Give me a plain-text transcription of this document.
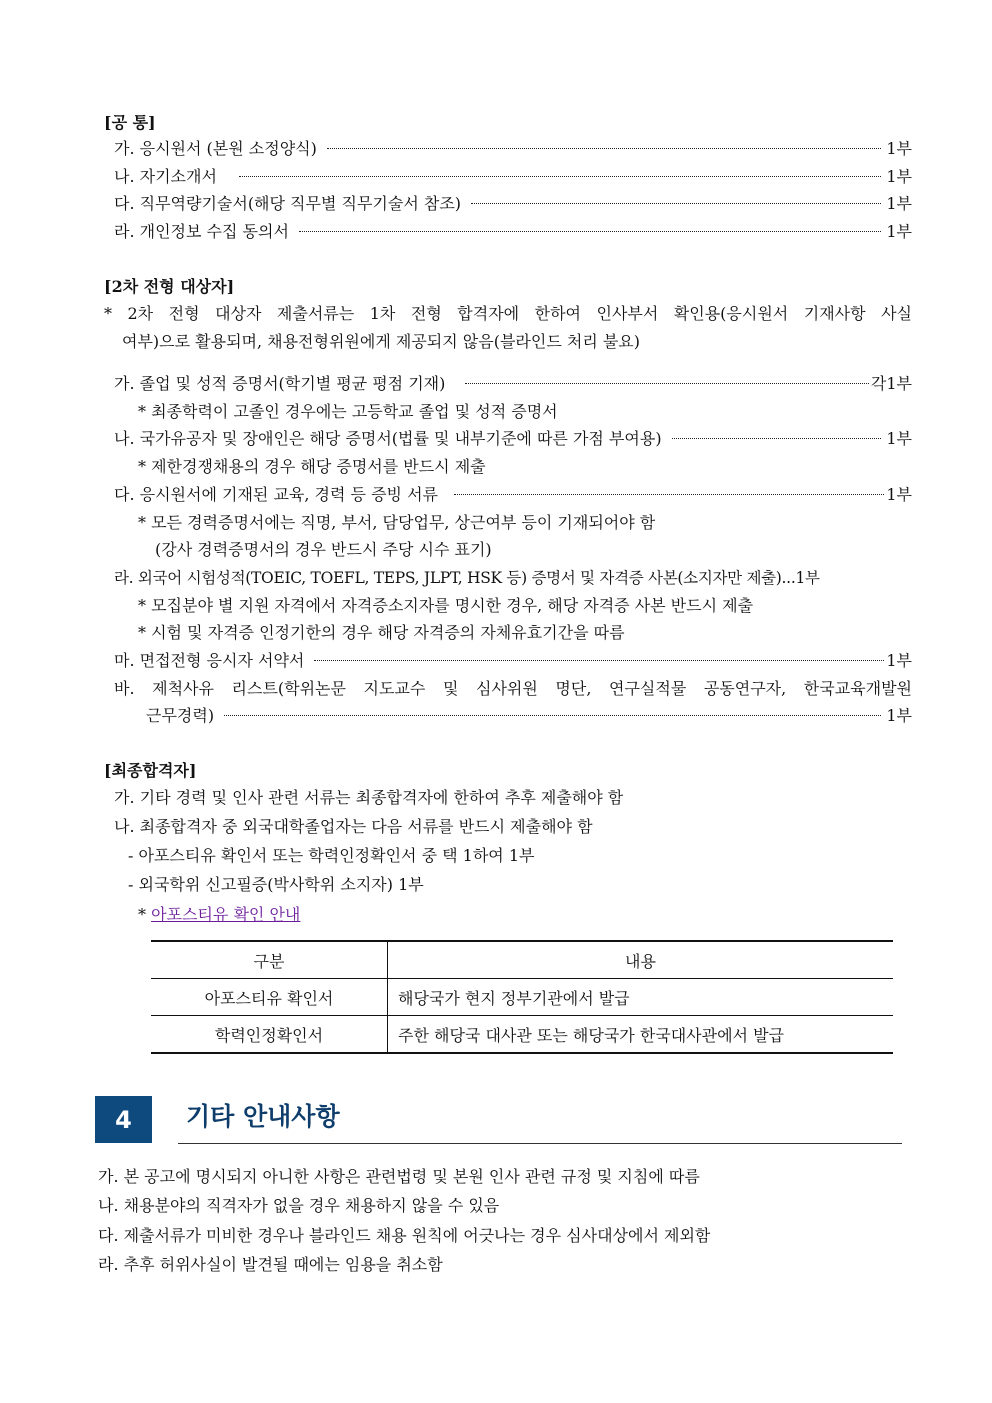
[공 통]
가. 응시원서 (본원 소정양식)	1부
나. 자기소개서	1부
다. 직무역량기술서(해당 직무별 직무기술서 참조)	1부
라. 개인정보 수집 동의서	1부
[2차 전형 대상자]
* 2차 전형 대상자 제출서류는 1차 전형 합격자에 한하여 인사부서 확인용(응시원서 기재사항 사실
여부)으로 활용되며, 채용전형위원에게 제공되지 않음(블라인드 처리 불요)
가. 졸업 및 성적 증명서(학기별 평균 평점 기재)	각1부
* 최종학력이 고졸인 경우에는 고등학교 졸업 및 성적 증명서
나. 국가유공자 및 장애인은 해당 증명서(법률 및 내부기준에 따른 가점 부여용)	1부
* 제한경쟁채용의 경우 해당 증명서를 반드시 제출
다. 응시원서에 기재된 교육, 경력 등 증빙 서류	1부
* 모든 경력증명서에는 직명, 부서, 담당업무, 상근여부 등이 기재되어야 함
(강사 경력증명서의 경우 반드시 주당 시수 표기)
라. 외국어 시험성적(TOEIC, TOEFL, TEPS, JLPT, HSK 등) 증명서 및 자격증 사본(소지자만 제출)...1부
* 모집분야 별 지원 자격에서 자격증소지자를 명시한 경우, 해당 자격증 사본 반드시 제출
* 시험 및 자격증 인정기한의 경우 해당 자격증의 자체유효기간을 따름
마. 면접전형 응시자 서약서	1부
바. 제척사유 리스트(학위논문 지도교수 및 심사위원 명단, 연구실적물 공동연구자, 한국교육개발원
근무경력)	1부
[최종합격자]
가. 기타 경력 및 인사 관련 서류는 최종합격자에 한하여 추후 제출해야 함
나. 최종합격자 중 외국대학졸업자는 다음 서류를 반드시 제출해야 함
- 아포스티유 확인서 또는 학력인정확인서 중 택 1하여 1부
- 외국학위 신고필증(박사학위 소지자) 1부
* 아포스티유 확인 안내
구분	내용
아포스티유 확인서	해당국가 현지 정부기관에서 발급
학력인정확인서	주한 해당국 대사관 또는 해당국가 한국대사관에서 발급
4	기타 안내사항
가. 본 공고에 명시되지 아니한 사항은 관련법령 및 본원 인사 관련 규정 및 지침에 따름
나. 채용분야의 직격자가 없을 경우 채용하지 않을 수 있음
다. 제출서류가 미비한 경우나 블라인드 채용 원칙에 어긋나는 경우 심사대상에서 제외함
라. 추후 허위사실이 발견될 때에는 임용을 취소함
